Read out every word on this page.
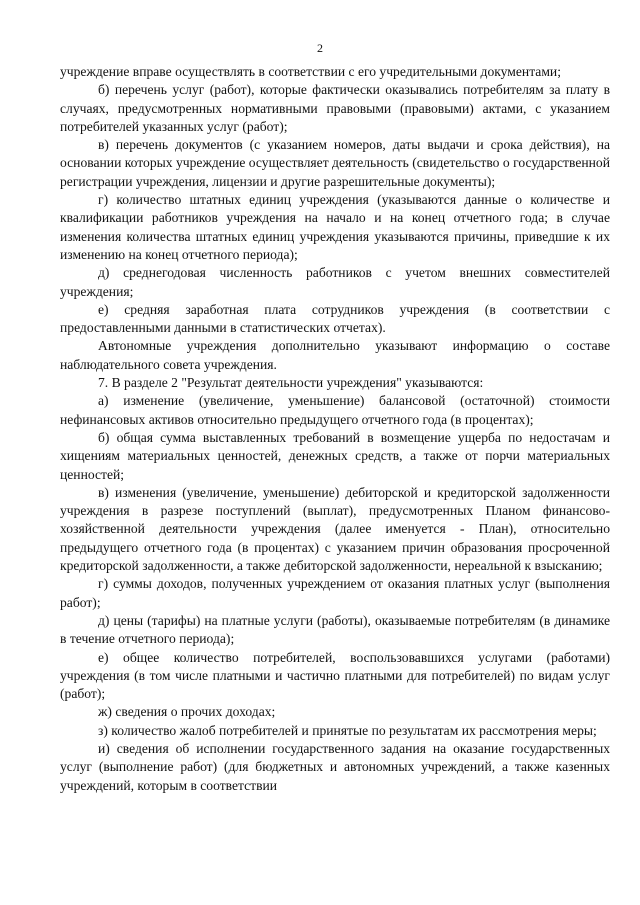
2

учреждение вправе осуществлять в соответствии с его учредительными документами;

б) перечень услуг (работ), которые фактически оказывались потребителям за плату в случаях, предусмотренных нормативными правовыми (правовыми) актами, с указанием потребителей указанных услуг (работ);

в) перечень документов (с указанием номеров, даты выдачи и срока действия), на основании которых учреждение осуществляет деятельность (свидетельство о государственной регистрации учреждения, лицензии и другие разрешительные документы);

г) количество штатных единиц учреждения (указываются данные о количестве и квалификации работников учреждения на начало и на конец отчетного года; в случае изменения количества штатных единиц учреждения указываются причины, приведшие к их изменению на конец отчетного периода);

д) среднегодовая численность работников с учетом внешних совместителей учреждения;

е) средняя заработная плата сотрудников учреждения (в соответствии с предоставленными данными в статистических отчетах).

Автономные учреждения дополнительно указывают информацию о составе наблюдательного совета учреждения.

7. В разделе 2 "Результат деятельности учреждения" указываются:

а) изменение (увеличение, уменьшение) балансовой (остаточной) стоимости нефинансовых активов относительно предыдущего отчетного года (в процентах);

б) общая сумма выставленных требований в возмещение ущерба по недостачам и хищениям материальных ценностей, денежных средств, а также от порчи материальных ценностей;

в) изменения (увеличение, уменьшение) дебиторской и кредиторской задолженности учреждения в разрезе поступлений (выплат), предусмотренных Планом финансово-хозяйственной деятельности учреждения (далее именуется - План), относительно предыдущего отчетного года (в процентах) с указанием причин образования просроченной кредиторской задолженности, а также дебиторской задолженности, нереальной к взысканию;

г) суммы доходов, полученных учреждением от оказания платных услуг (выполнения работ);

д) цены (тарифы) на платные услуги (работы), оказываемые потребителям (в динамике в течение отчетного периода);

е) общее количество потребителей, воспользовавшихся услугами (работами) учреждения (в том числе платными и частично платными для потребителей) по видам услуг (работ);

ж) сведения о прочих доходах;

з) количество жалоб потребителей и принятые по результатам их рассмотрения меры;

и) сведения об исполнении государственного задания на оказание государственных услуг (выполнение работ) (для бюджетных и автономных учреждений, а также казенных учреждений, которым в соответствии
